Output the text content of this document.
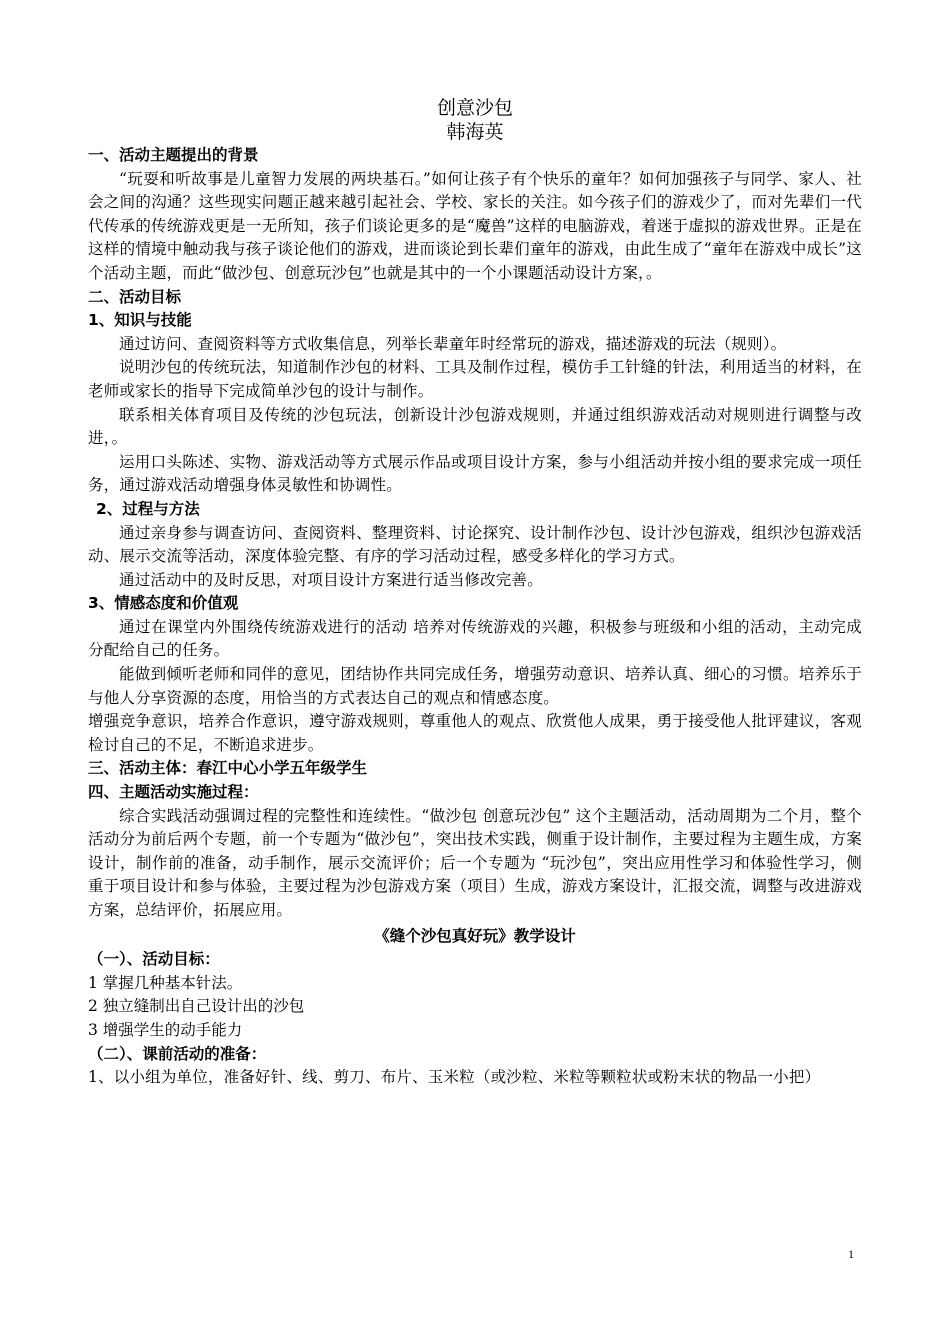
创意沙包

韩海英

一、活动主题提出的背景

“玩耍和听故事是儿童智力发展的两块基石。”如何让孩子有个快乐的童年？如何加强孩子与同学、家人、社会之间的沟通？这些现实问题正越来越引起社会、学校、家长的关注。如今孩子们的游戏少了，而对先辈们一代代传承的传统游戏更是一无所知，孩子们谈论更多的是“魔兽”这样的电脑游戏，着迷于虚拟的游戏世界。正是在这样的情境中触动我与孩子谈论他们的游戏，进而谈论到长辈们童年的游戏，由此生成了“童年在游戏中成长”这个活动主题，而此“做沙包、创意玩沙包”也就是其中的一个小课题活动设计方案，。

二、活动目标

1、知识与技能

通过访问、查阅资料等方式收集信息，列举长辈童年时经常玩的游戏，描述游戏的玩法（规则）。

说明沙包的传统玩法，知道制作沙包的材料、工具及制作过程，模仿手工针缝的针法，利用适当的材料，在老师或家长的指导下完成简单沙包的设计与制作。

联系相关体育项目及传统的沙包玩法，创新设计沙包游戏规则，并通过组织游戏活动对规则进行调整与改进，。

运用口头陈述、实物、游戏活动等方式展示作品或项目设计方案，参与小组活动并按小组的要求完成一项任务，通过游戏活动增强身体灵敏性和协调性。

2、过程与方法

通过亲身参与调查访问、查阅资料、整理资料、讨论探究、设计制作沙包、设计沙包游戏，组织沙包游戏活动、展示交流等活动，深度体验完整、有序的学习活动过程，感受多样化的学习方式。

通过活动中的及时反思，对项目设计方案进行适当修改完善。

3、情感态度和价值观

通过在课堂内外围绕传统游戏进行的活动 培养对传统游戏的兴趣，积极参与班级和小组的活动，主动完成分配给自己的任务。

能做到倾听老师和同伴的意见，团结协作共同完成任务，增强劳动意识、培养认真、细心的习惯。培养乐于与他人分享资源的态度，用恰当的方式表达自己的观点和情感态度。

增强竞争意识，培养合作意识，遵守游戏规则，尊重他人的观点、欣赏他人成果，勇于接受他人批评建议，客观检讨自己的不足，不断追求进步。

三、活动主体：春江中心小学五年级学生

四、主题活动实施过程：

综合实践活动强调过程的完整性和连续性。“做沙包 创意玩沙包” 这个主题活动，活动周期为二个月，整个活动分为前后两个专题，前一个专题为“做沙包”，突出技术实践，侧重于设计制作，主要过程为主题生成，方案设计，制作前的准备，动手制作，展示交流评价；后一个专题为 “玩沙包”，突出应用性学习和体验性学习，侧重于项目设计和参与体验，主要过程为沙包游戏方案（项目）生成，游戏方案设计，汇报交流，调整与改进游戏方案，总结评价，拓展应用。

《缝个沙包真好玩》教学设计

（一）、活动目标：

1 掌握几种基本针法。

2 独立缝制出自己设计出的沙包

3 增强学生的动手能力

（二）、课前活动的准备：

1、以小组为单位，准备好针、线、剪刀、布片、玉米粒（或沙粒、米粒等颗粒状或粉末状的物品一小把）

1
